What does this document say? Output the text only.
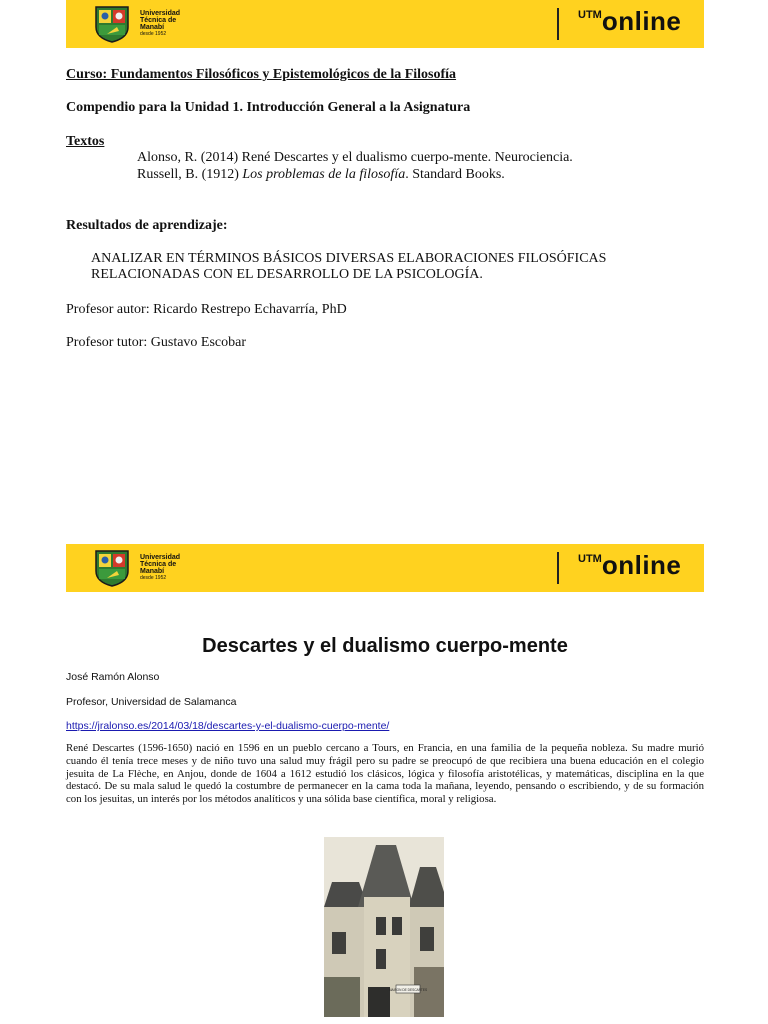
Universidad
Técnica de
Manabí
desde 1952
$^{UTM}$online
Curso: Fundamentos Filosóficos y Epistemológicos de la Filosofía
Compendio para la Unidad 1. Introducción General a la Asignatura
Textos
Alonso, R. (2014) René Descartes y el dualismo cuerpo-mente. Neurociencia.
Russell, B. (1912) Los problemas de la filosofía. Standard Books.
Resultados de aprendizaje:
ANALIZAR EN TÉRMINOS BÁSICOS DIVERSAS ELABORACIONES FILOSÓFICAS
RELACIONADAS CON EL DESARROLLO DE LA PSICOLOGÍA.
Profesor autor: Ricardo Restrepo Echavarría, PhD
Profesor tutor: Gustavo Escobar
Universidad
Técnica de
Manabí
desde 1952
$^{UTM}$online
Descartes y el dualismo cuerpo-mente
José Ramón Alonso
Profesor, Universidad de Salamanca
https://jralonso.es/2014/03/18/descartes-y-el-dualismo-cuerpo-mente/
René Descartes (1596-1650) nació en 1596 en un pueblo cercano a Tours, en Francia, en una familia de la pequeña nobleza. Su madre murió cuando él tenía trece meses y de niño tuvo una salud muy frágil pero su padre se preocupó de que recibiera una buena educación en el colegio jesuita de La Flèche, en Anjou, donde de 1604 a 1612 estudió los clásicos, lógica y filosofía aristotélicas, y matemáticas, disciplina en la que destacó. De su mala salud le quedó la costumbre de permanecer en la cama toda la mañana, leyendo, pensando o escribiendo, y de su formación con los jesuitas, un interés por los métodos analíticos y una sólida base científica, moral y religiosa.
MAISON DE DESCARTES
